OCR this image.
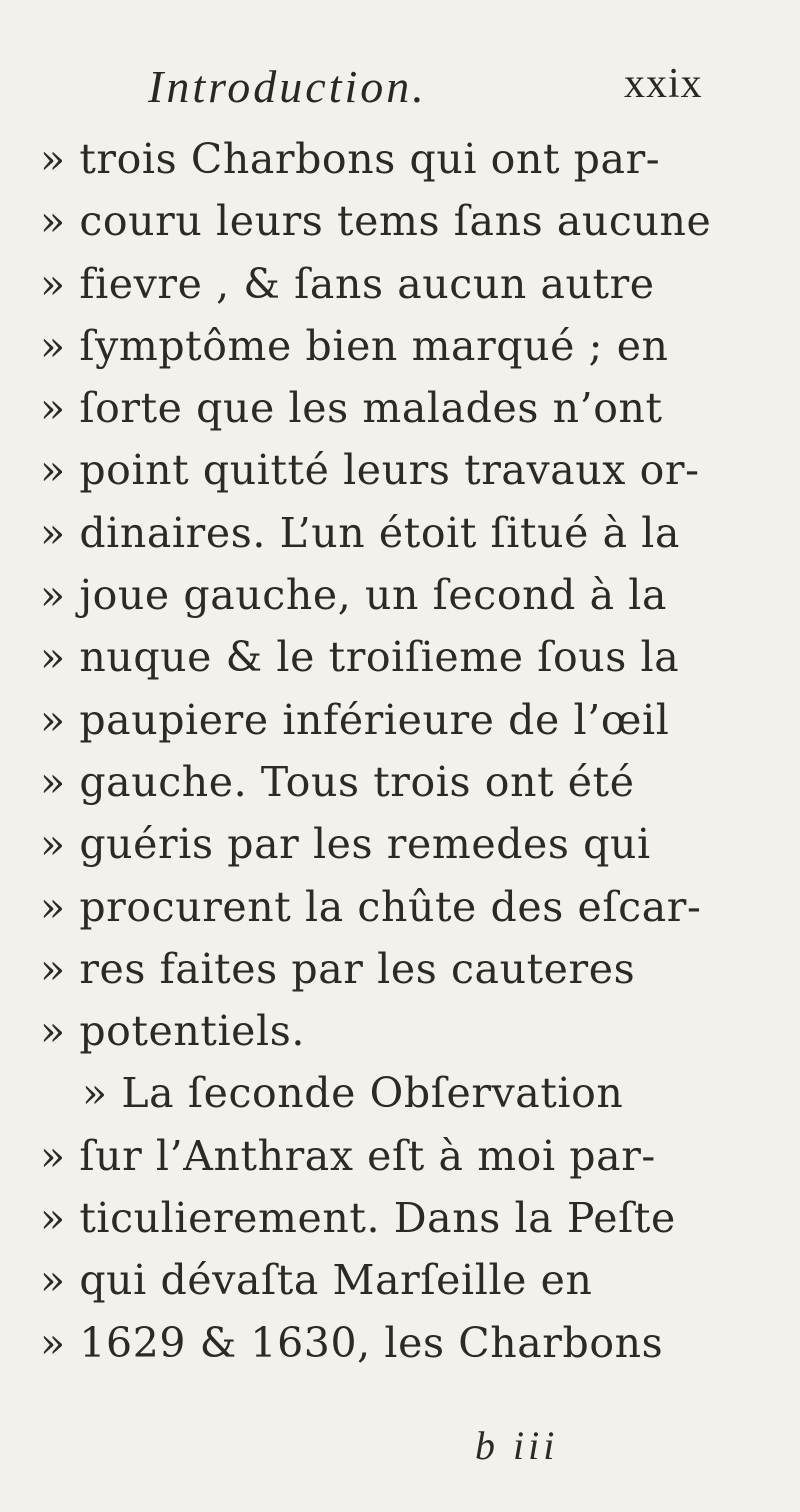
Introduction.	xxix
» trois Charbons qui ont par-
» couru leurs tems ſans aucune
» fievre , & ſans aucun autre
» ſymptôme bien marqué ; en
» ſorte que les malades n’ont
» point quitté leurs travaux or-
» dinaires. L’un étoit ſitué à la
» joue gauche, un ſecond à la
» nuque & le troiſieme ſous la
» paupiere inférieure de l’œil
» gauche. Tous trois ont été
» guéris par les remedes qui
» procurent la chûte des eſcar-
» res faites par les cauteres
» potentiels.
» La ſeconde Obſervation
» ſur l’Anthrax eſt à moi par-
» ticulierement. Dans la Peſte
» qui dévaſta Marſeille en
» 1629 & 1630, les Charbons
b iii
